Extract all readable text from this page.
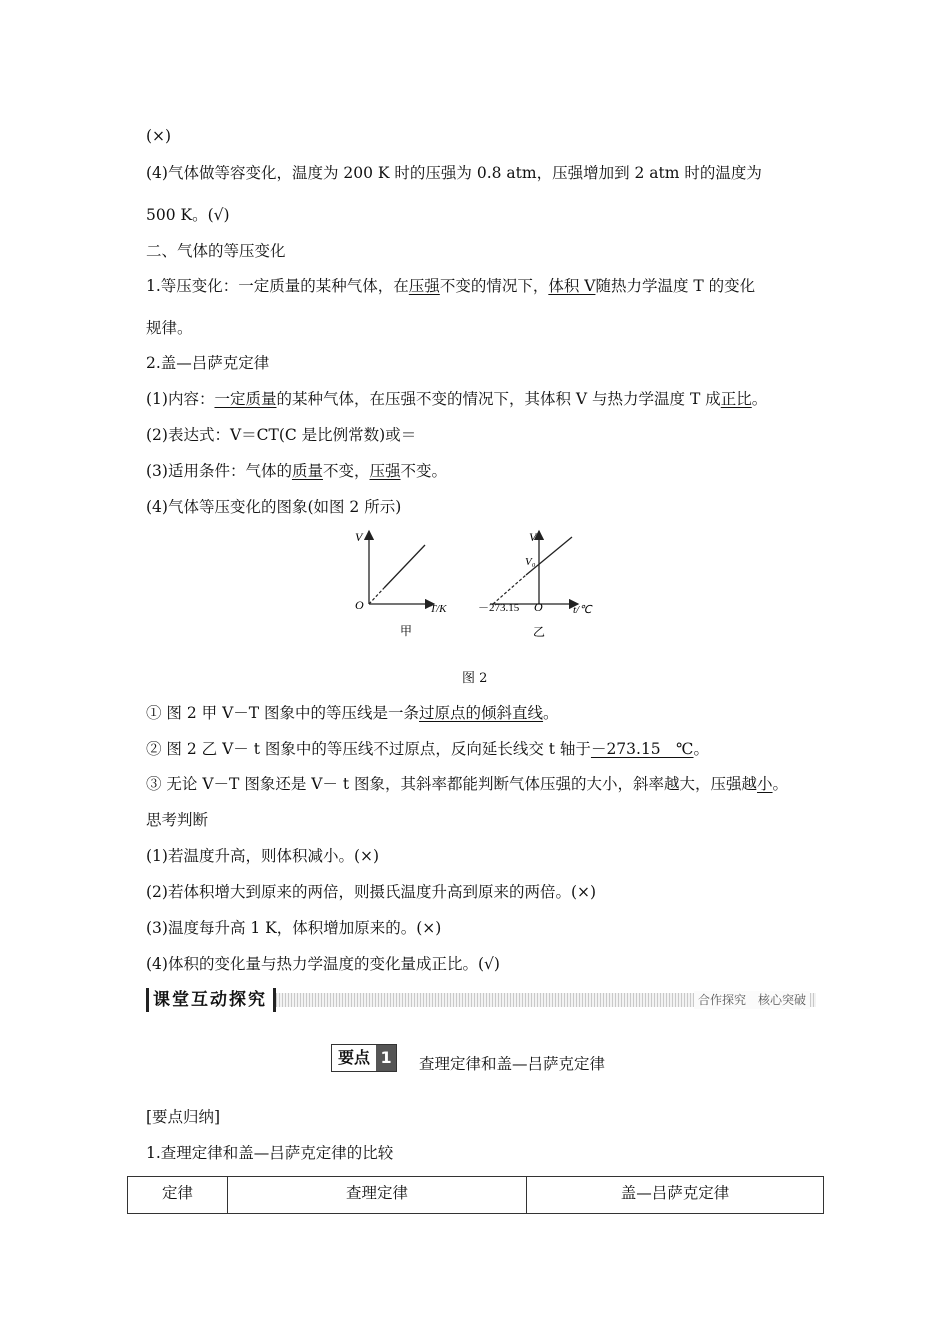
(×)
(4)气体做等容变化，温度为 200 K 时的压强为 0.8 atm，压强增加到 2 atm 时的温度为
500 K。(√)
二、气体的等压变化
1.等压变化：一定质量的某种气体，在压强不变的情况下，体积 V随热力学温度 T 的变化
规律。
2.盖—吕萨克定律
(1)内容：一定质量的某种气体，在压强不变的情况下，其体积 V 与热力学温度 T 成正比。
(2)表达式：V＝CT(C 是比例常数)或＝
(3)适用条件：气体的质量不变，压强不变。
(4)气体等压变化的图象(如图 2 所示)
V
O	T/K
甲
V
V₀
－273.15 O	t/℃
乙
图 2
① 图 2 甲 V－T 图象中的等压线是一条过原点的倾斜直线。
② 图 2 乙 V－ t 图象中的等压线不过原点，反向延长线交 t 轴于－273.15　℃。
③ 无论 V－T 图象还是 V－ t 图象，其斜率都能判断气体压强的大小，斜率越大，压强越小。
思考判断
(1)若温度升高，则体积减小。(×)
(2)若体积增大到原来的两倍，则摄氏温度升高到原来的两倍。(×)
(3)温度每升高 1 K，体积增加原来的。(×)
(4)体积的变化量与热力学温度的变化量成正比。(√)
课堂互动探究	合作探究　核心突破
要点 1 查理定律和盖—吕萨克定律
[要点归纳]
1.查理定律和盖—吕萨克定律的比较
定律	查理定律	盖—吕萨克定律
